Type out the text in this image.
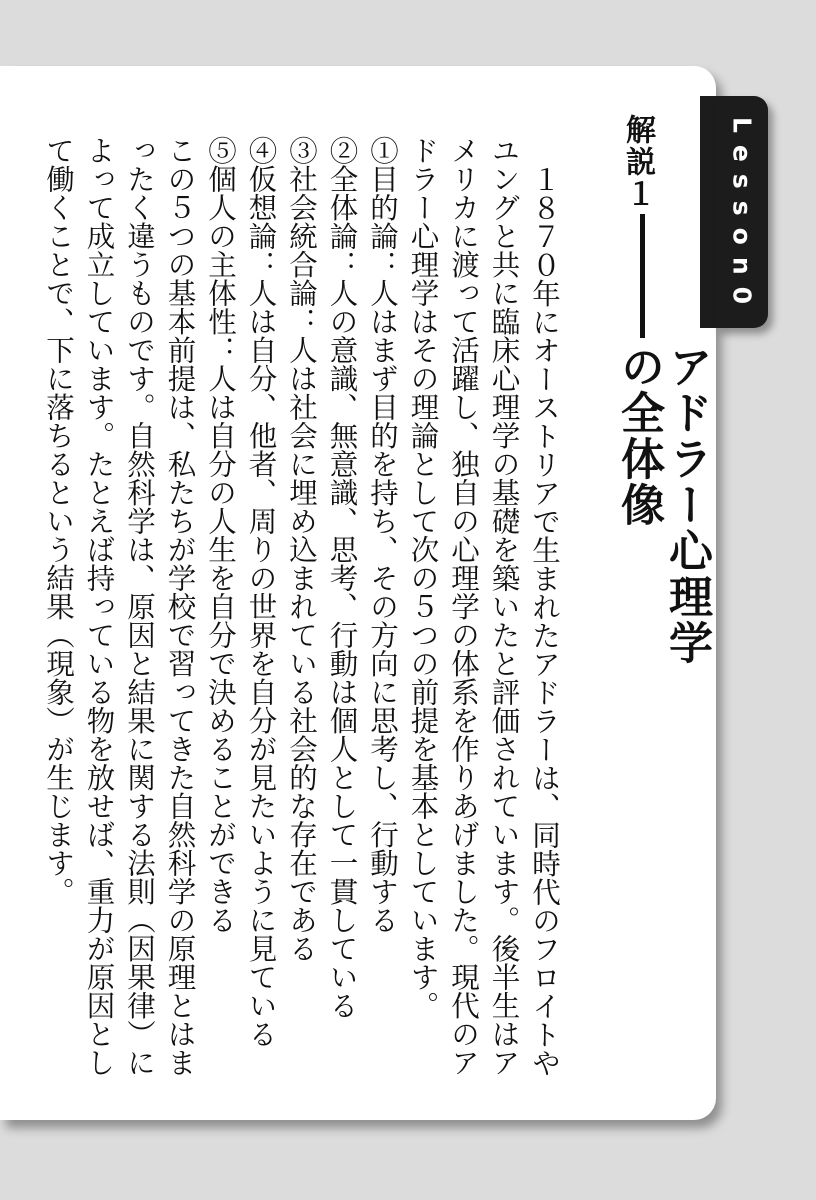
Lesson0
解説１
アドラー心理学の全体像

１８７０年にオーストリアで生まれたアドラーは、同時代のフロイトやユングと共に臨床心理学の基礎を築いたと評価されています。後半生はアメリカに渡って活躍し、独自の心理学の体系を作りあげました。現代のアドラー心理学はその理論として次の５つの前提を基本としています。

①目的論：人はまず目的を持ち、その方向に思考し、行動する

②全体論：人の意識、無意識、思考、行動は個人として一貫している

③社会統合論：人は社会に埋め込まれている社会的な存在である

④仮想論：人は自分、他者、周りの世界を自分が見たいように見ている

⑤個人の主体性：人は自分の人生を自分で決めることができる

この５つの基本前提は、私たちが学校で習ってきた自然科学の原理とはまったく違うものです。自然科学は、原因と結果に関する法則（因果律）によって成立しています。たとえば持っている物を放せば、重力が原因として働くことで、下に落ちるという結果（現象）が生じます。
